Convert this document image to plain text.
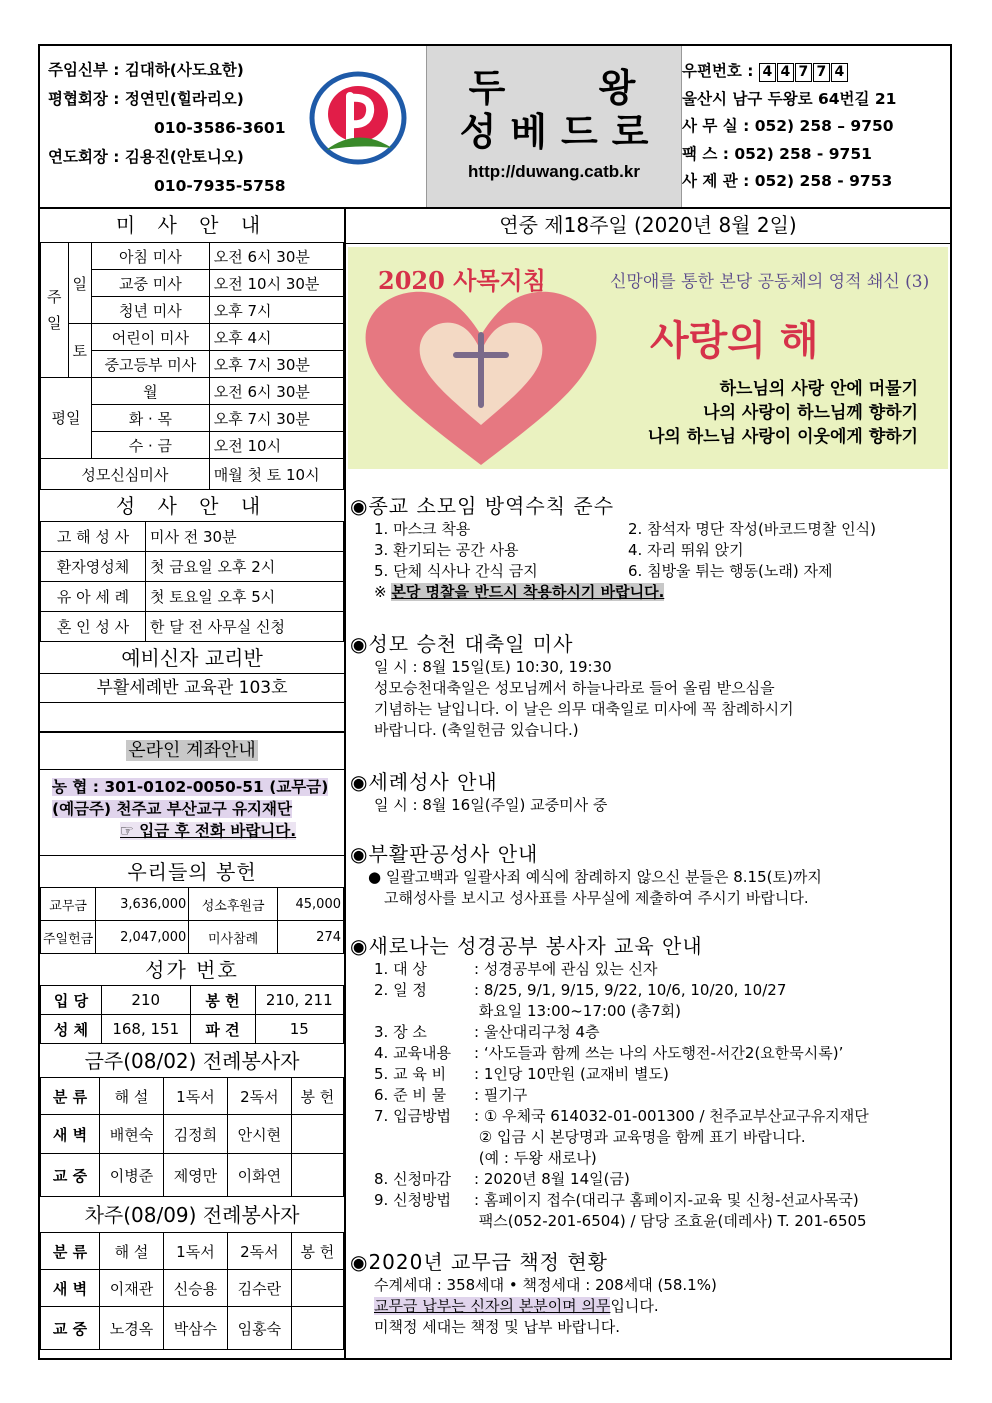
주임신부 : 김대하(사도요한)
평협회장 : 정연민(힐라리오)
010-3586-3601
연도회장 : 김용진(안토니오)
010-7935-5758
두 왕
성베드로
http://duwang.catb.kr
우편번호 : 4 4 7 7 4
울산시 남구 두왕로 64번길 21
사 무 실 : 052) 258 – 9750
팩 스 : 052) 258 - 9751
사 제 관 : 052) 258 - 9753
미 사 안 내
주일	일	아침 미사	오전 6시 30분
		교중 미사	오전 10시 30분
		청년 미사	오후 7시
	토	어린이 미사	오후 4시
		중고등부 미사	오후 7시 30분
평일		월	오전 6시 30분
		화 · 목	오후 7시 30분
		수 · 금	오전 10시
성모신심미사			매월 첫 토 10시
성 사 안 내
고 해 성 사	미사 전 30분
환자영성체	첫 금요일 오후 2시
유 아 세 례	첫 토요일 오후 5시
혼 인 성 사	한 달 전 사무실 신청
예비신자 교리반
부활세례반 교육관 103호
온라인 계좌안내
농 협 : 301-0102-0050-51 (교무금)
(예금주) 천주교 부산교구 유지재단
☞ 입금 후 전화 바랍니다.
우리들의 봉헌
교무금	3,636,000	성소후원금	45,000
주일헌금	2,047,000	미사참례	274
성가 번호
입 당	210	봉 헌	210, 211
성 체	168, 151	파 견	15
금주(08/02) 전례봉사자
분 류	해 설	1독서	2독서	봉 헌
새 벽	배현숙	김정희	안시현	
교 중	이병준	제영만	이화연	
차주(08/09) 전례봉사자
분 류	해 설	1독서	2독서	봉 헌
새 벽	이재관	신승용	김수란	
교 중	노경옥	박삼수	임홍숙	
연중 제18주일 (2020년 8월 2일)
2020 사목지침	신망애를 통한 본당 공동체의 영적 쇄신 (3)
사랑의 해
하느님의 사랑 안에 머물기
나의 사랑이 하느님께 향하기
나의 하느님 사랑이 이웃에게 향하기
◉종교 소모임 방역수칙 준수
1. 마스크 착용	2. 참석자 명단 작성(바코드명찰 인식)
3. 환기되는 공간 사용	4. 자리 뛰워 앉기
5. 단체 식사나 간식 금지	6. 침방울 튀는 행동(노래) 자제
※ 본당 명찰을 반드시 착용하시기 바랍니다.
◉성모 승천 대축일 미사
일 시 : 8월 15일(토) 10:30, 19:30
성모승천대축일은 성모님께서 하늘나라로 들어 올림 받으심을
기념하는 날입니다. 이 날은 의무 대축일로 미사에 꼭 참례하시기
바랍니다. (축일헌금 있습니다.)
◉세례성사 안내
일 시 : 8월 16일(주일) 교중미사 중
◉부활판공성사 안내
● 일괄고백과 일괄사죄 예식에 참례하지 않으신 분들은 8.15(토)까지
고해성사를 보시고 성사표를 사무실에 제출하여 주시기 바랍니다.
◉새로나는 성경공부 봉사자 교육 안내
1. 대 상	: 성경공부에 관심 있는 신자
2. 일 정	: 8/25, 9/1, 9/15, 9/22, 10/6, 10/20, 10/27
화요일 13:00~17:00 (총7회)
3. 장 소	: 울산대리구청 4층
4. 교육내용 : ‘사도들과 함께 쓰는 나의 사도행전-서간2(요한묵시록)’
5. 교 육 비 : 1인당 10만원 (교재비 별도)
6. 준 비 물 : 필기구
7. 입금방법 : ① 우체국 614032-01-001300 / 천주교부산교구유지재단
② 입금 시 본당명과 교육명을 함께 표기 바랍니다.
(예 : 두왕 새로나)
8. 신청마감 : 2020년 8월 14일(금)
9. 신청방법 : 홈페이지 접수(대리구 홈페이지-교육 및 신청-선교사목국)
팩스(052-201-6504) / 담당 조효윤(데레사) T. 201-6505
◉2020년 교무금 책정 현황
수계세대 : 358세대 • 책정세대 : 208세대 (58.1%)
교무금 납부는 신자의 본분이며 의무입니다.
미책정 세대는 책정 및 납부 바랍니다.
